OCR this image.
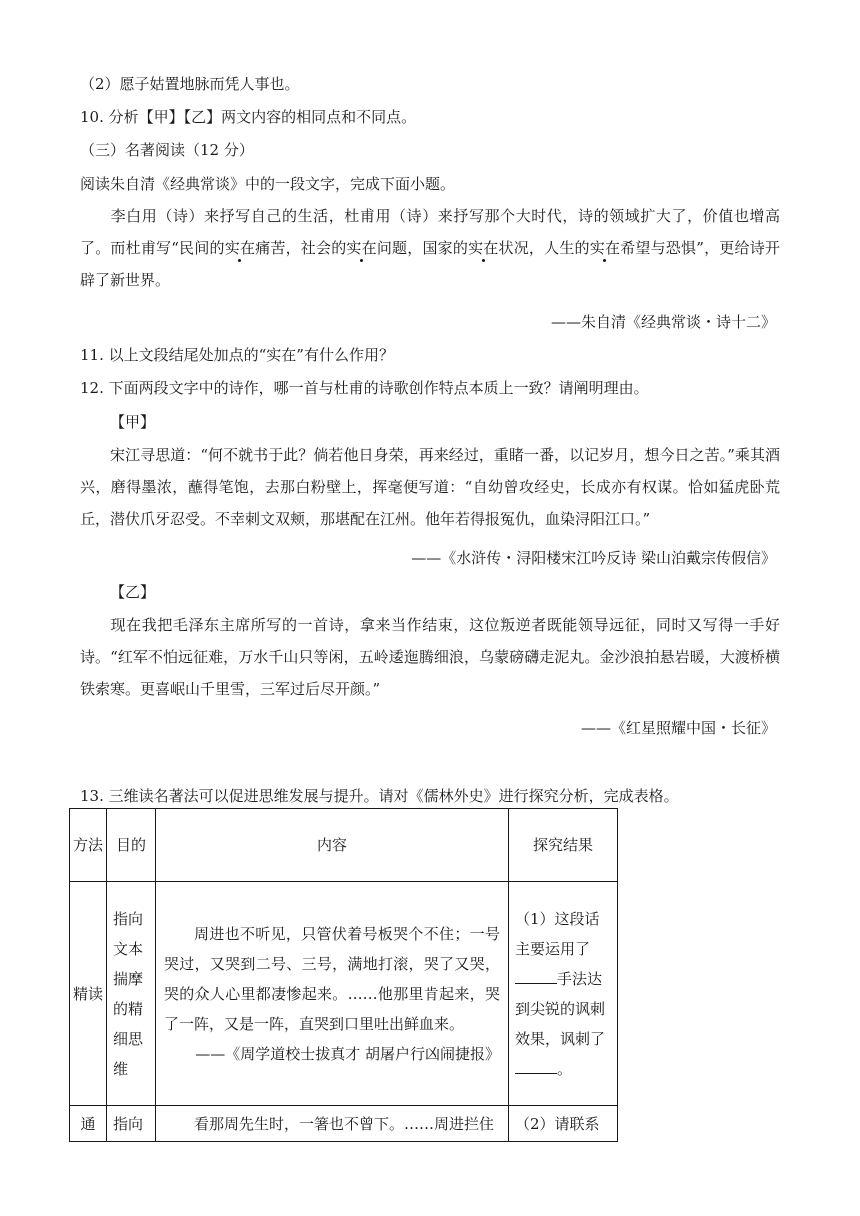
（2）愿子姑置地脉而凭人事也。
10. 分析【甲】【乙】两文内容的相同点和不同点。
（三）名著阅读（12 分）
阅读朱自清《经典常谈》中的一段文字，完成下面小题。
李白用（诗）来抒写自己的生活，杜甫用（诗）来抒写那个大时代，诗的领域扩大了，价值也增高了。而杜甫写“民间的实在痛苦，社会的实在问题，国家的实在状况，人生的实在希望与恐惧”，更给诗开辟了新世界。
——朱自清《经典常谈・诗十二》
11. 以上文段结尾处加点的“实在”有什么作用？
12. 下面两段文字中的诗作，哪一首与杜甫的诗歌创作特点本质上一致？请阐明理由。
【甲】
宋江寻思道：“何不就书于此？倘若他日身荣，再来经过，重睹一番，以记岁月，想今日之苦。”乘其酒兴，磨得墨浓，蘸得笔饱，去那白粉壁上，挥毫便写道：“自幼曾攻经史，长成亦有权谋。恰如猛虎卧荒丘，潜伏爪牙忍受。不幸刺文双颊，那堪配在江州。他年若得报冤仇，血染浔阳江口。”
——《水浒传・浔阳楼宋江吟反诗 梁山泊戴宗传假信》
【乙】
现在我把毛泽东主席所写的一首诗，拿来当作结束，这位叛逆者既能领导远征，同时又写得一手好诗。“红军不怕远征难，万水千山只等闲，五岭逶迤腾细浪，乌蒙磅礴走泥丸。金沙浪拍悬岩暖，大渡桥横铁索寒。更喜岷山千里雪，三军过后尽开颜。”
——《红星照耀中国・长征》
13. 三维读名著法可以促进思维发展与提升。请对《儒林外史》进行探究分析，完成表格。
方法	目的	内容	探究结果
精读	指向文本揣摩的精细思维	周进也不听见，只管伏着号板哭个不住；一号哭过，又哭到二号、三号，满地打滚，哭了又哭，哭的众人心里都凄惨起来。……他那里肯起来，哭了一阵，又是一阵，直哭到口里吐出鲜血来。
——《周学道校士拔真才 胡屠户行凶闹捷报》	（1）这段话主要运用了手法达到尖锐的讽刺效果，讽刺了。
通	指向	看那周先生时，一箸也不曾下。……周进拦住	（2）请联系
